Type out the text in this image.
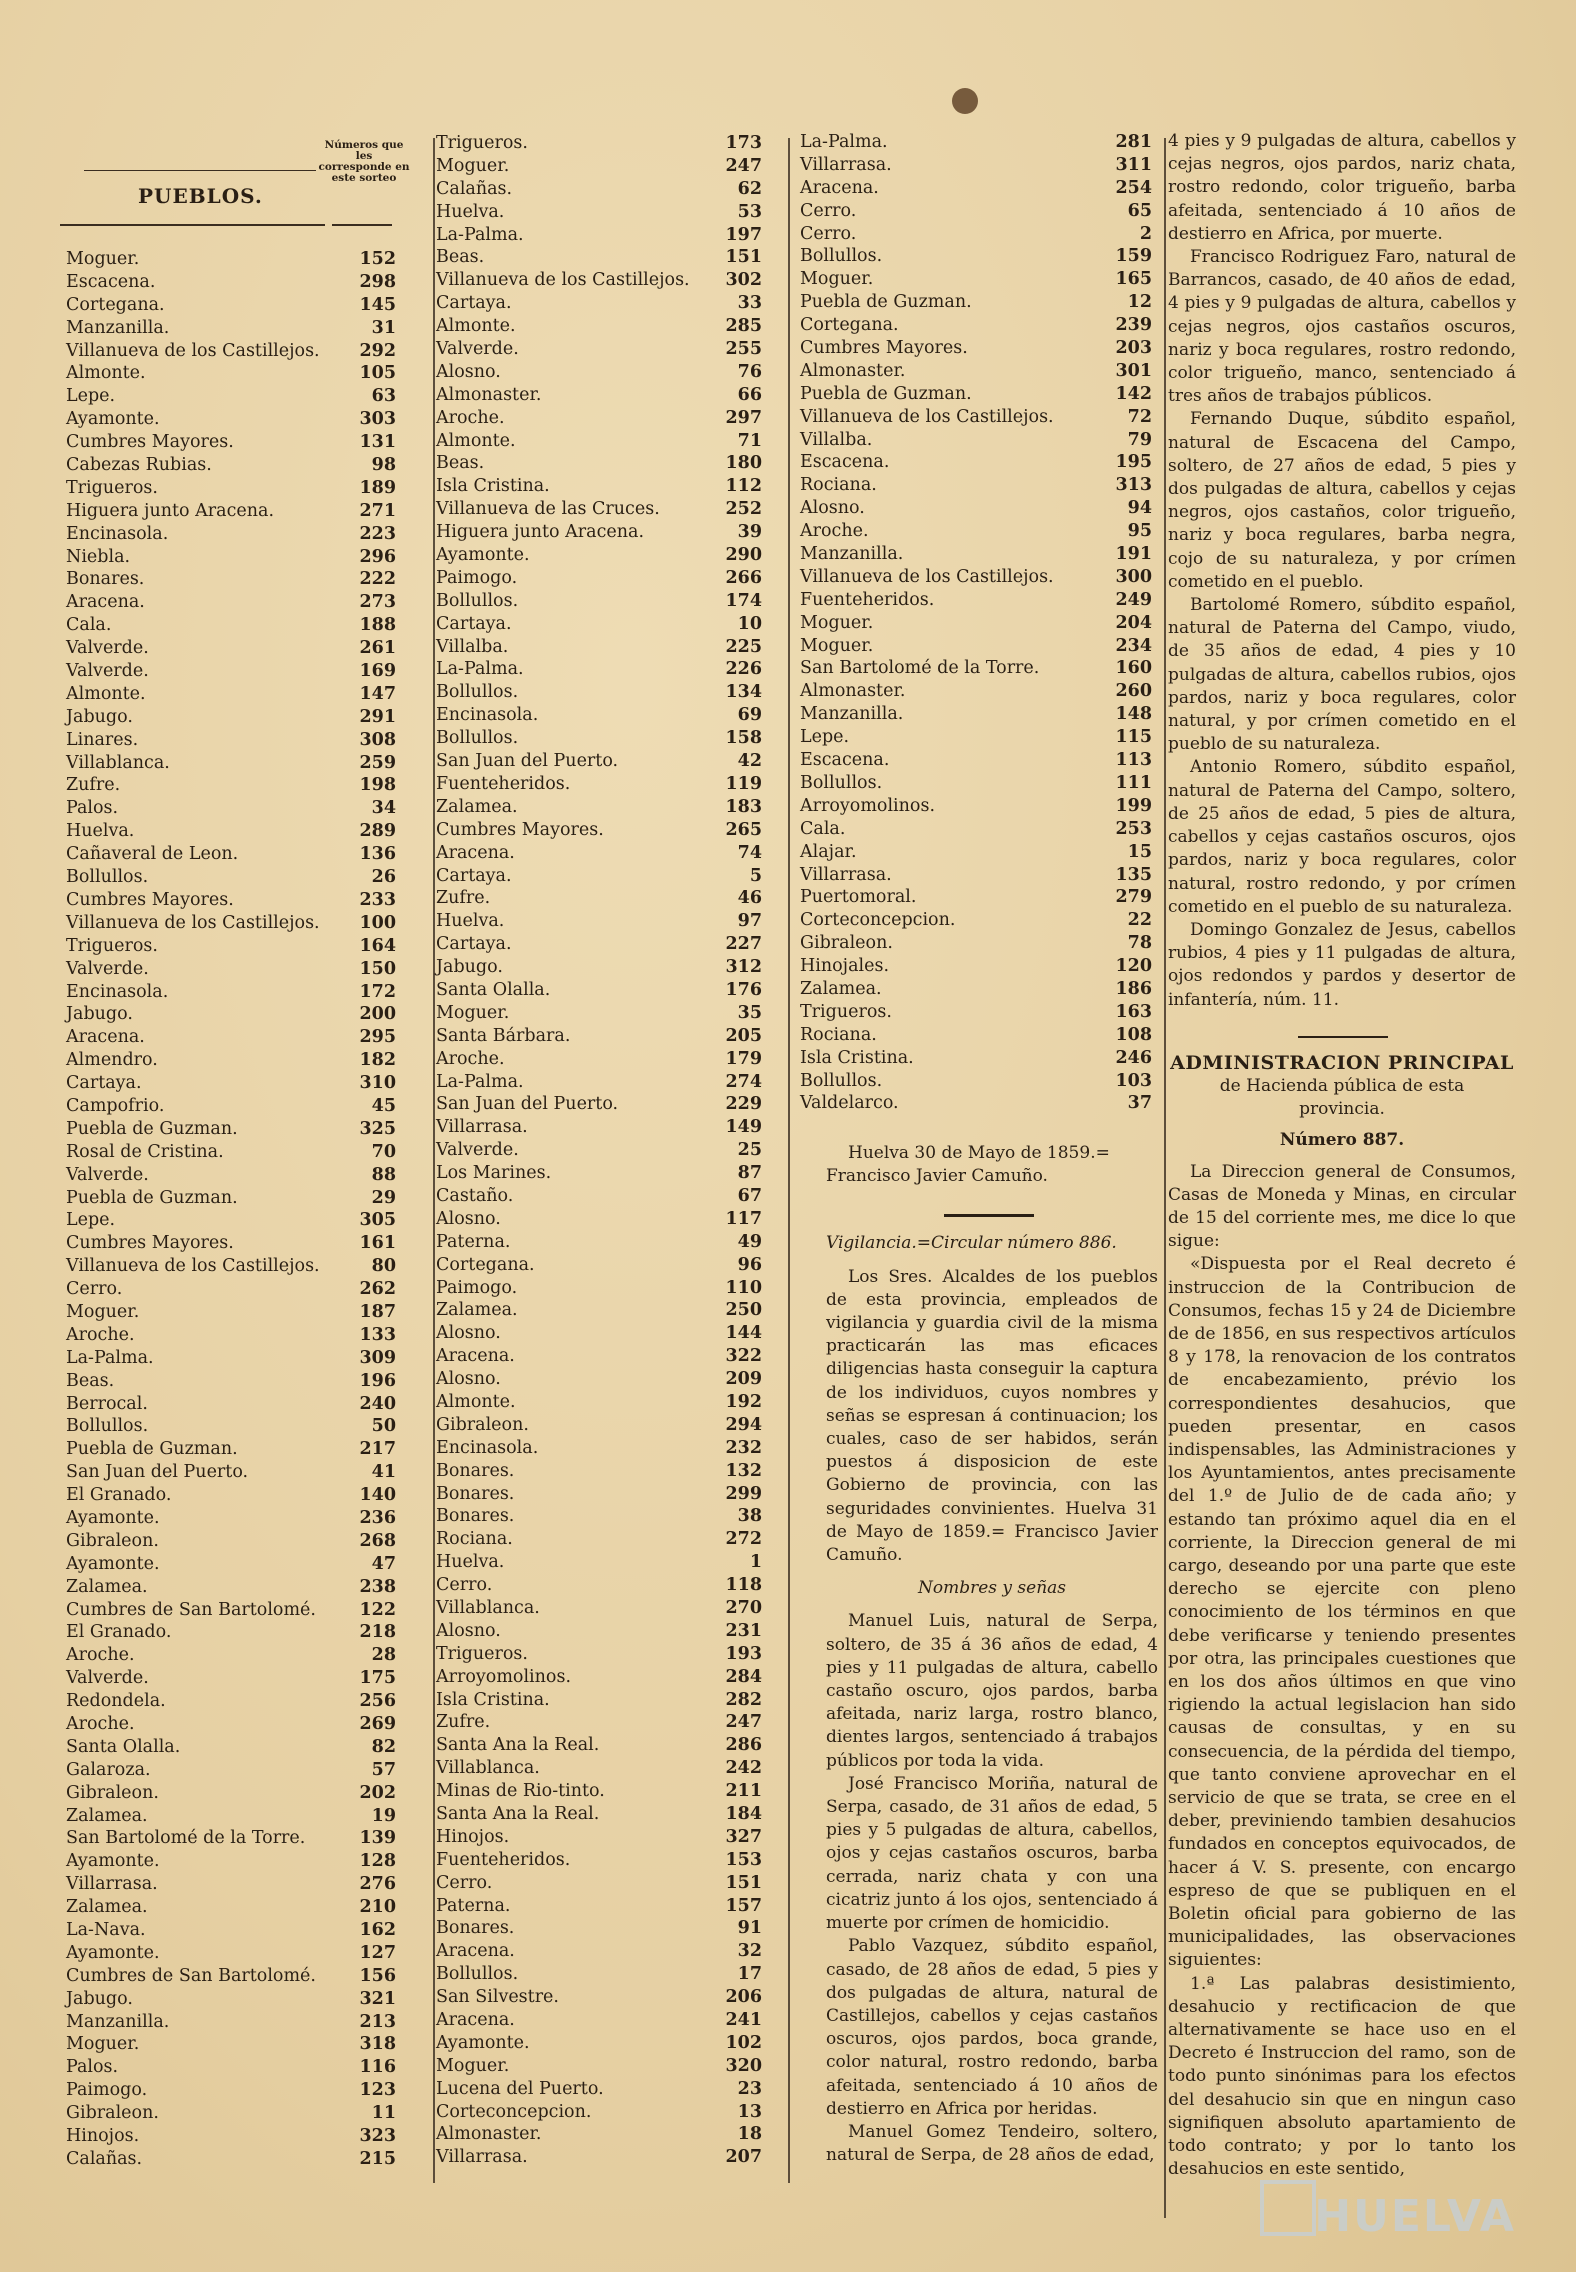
PUEBLOS.
Números que les corresponde en este sorteo
Moguer.	152
Escacena.	298
Cortegana.	145
Manzanilla.	31
Villanueva de los Castillejos. 292
Almonte.	105
Lepe.	63
Ayamonte.	303
Cumbres Mayores.	131
Cabezas Rubias.	98
Trigueros.	189
Higuera junto Aracena.	271
Encinasola.	223
Niebla.	296
Bonares.	222
Aracena.	273
Cala.	188
Valverde.	261
Valverde.	169
Almonte.	147
Jabugo.	291
Linares.	308
Villablanca.	259
Zufre.	198
Palos.	34
Huelva.	289
Cañaveral de Leon.	136
Bollullos.	26
Cumbres Mayores.	233
Villanueva de los Castillejos. 100
Trigueros.	164
Valverde.	150
Encinasola.	172
Jabugo.	200
Aracena.	295
Almendro.	182
Cartaya.	310
Campofrio.	45
Puebla de Guzman.	325
Rosal de Cristina.	70
Valverde.	88
Puebla de Guzman.	29
Lepe.	305
Cumbres Mayores.	161
Villanueva de los Castillejos.	80
Cerro.	262
Moguer.	187
Aroche.	133
La-Palma.	309
Beas.	196
Berrocal.	240
Bollullos.	50
Puebla de Guzman.	217
San Juan del Puerto.	41
El Granado.	140
Ayamonte.	236
Gibraleon.	268
Ayamonte.	47
Zalamea.	238
Cumbres de San Bartolomé. 122
El Granado.	218
Aroche.	28
Valverde.	175
Redondela.	256
Aroche.	269
Santa Olalla.	82
Galaroza.	57
Gibraleon.	202
Zalamea.	19
San Bartolomé de la Torre.	139
Ayamonte.	128
Villarrasa.	276
Zalamea.	210
La-Nava.	162
Ayamonte.	127
Cumbres de San Bartolomé. 156
Jabugo.	321
Manzanilla.	213
Moguer.	318
Palos.	116
Paimogo.	123
Gibraleon.	11
Hinojos.	323
Calañas.	215
Trigueros.	173
Moguer.	247
Calañas.	62
Huelva.	53
La-Palma.	197
Beas.	151
Villanueva de los Castillejos. 302
Cartaya.	33
Almonte.	285
Valverde.	255
Alosno.	76
Almonaster.	66
Aroche.	297
Almonte.	71
Beas.	180
Isla Cristina.	112
Villanueva de las Cruces.	252
Higuera junto Aracena.	39
Ayamonte.	290
Paimogo.	266
Bollullos.	174
Cartaya.	10
Villalba.	225
La-Palma.	226
Bollullos.	134
Encinasola.	69
Bollullos.	158
San Juan del Puerto.	42
Fuenteheridos.	119
Zalamea.	183
Cumbres Mayores.	265
Aracena.	74
Cartaya.	5
Zufre.	46
Huelva.	97
Cartaya.	227
Jabugo.	312
Santa Olalla.	176
Moguer.	35
Santa Bárbara.	205
Aroche.	179
La-Palma.	274
San Juan del Puerto.	229
Villarrasa.	149
Valverde.	25
Los Marines.	87
Castaño.	67
Alosno.	117
Paterna.	49
Cortegana.	96
Paimogo.	110
Zalamea.	250
Alosno.	144
Aracena.	322
Alosno.	209
Almonte.	192
Gibraleon.	294
Encinasola.	232
Bonares.	132
Bonares.	299
Bonares.	38
Rociana.	272
Huelva.	1
Cerro.	118
Villablanca.	270
Alosno.	231
Trigueros.	193
Arroyomolinos.	284
Isla Cristina.	282
Zufre.	247
Santa Ana la Real.	286
Villablanca.	242
Minas de Rio-tinto.	211
Santa Ana la Real.	184
Hinojos.	327
Fuenteheridos.	153
Cerro.	151
Paterna.	157
Bonares.	91
Aracena.	32
Bollullos.	17
San Silvestre.	206
Aracena.	241
Ayamonte.	102
Moguer.	320
Lucena del Puerto.	23
Corteconcepcion.	13
Almonaster.	18
Villarrasa.	207
La-Palma.	281
Villarrasa.	311
Aracena.	254
Cerro.	65
Cerro.	2
Bollullos.	159
Moguer.	165
Puebla de Guzman.	12
Cortegana.	239
Cumbres Mayores.	203
Almonaster.	301
Puebla de Guzman.	142
Villanueva de los Castillejos.	72
Villalba.	79
Escacena.	195
Rociana.	313
Alosno.	94
Aroche.	95
Manzanilla.	191
Villanueva de los Castillejos.	300
Fuenteheridos.	249
Moguer.	204
Moguer.	234
San Bartolomé de la Torre.	160
Almonaster.	260
Manzanilla.	148
Lepe.	115
Escacena.	113
Bollullos.	111
Arroyomolinos.	199
Cala.	253
Alajar.	15
Villarrasa.	135
Puertomoral.	279
Corteconcepcion.	22
Gibraleon.	78
Hinojales.	120
Zalamea.	186
Trigueros.	163
Rociana.	108
Isla Cristina.	246
Bollullos.	103
Valdelarco.	37
Huelva 30 de Mayo de 1859.=
Francisco Javier Camuño.
Vigilancia.=Circular número 886.

Los Sres. Alcaldes de los pueblos de esta provincia, empleados de vigilancia y guardia civil de la misma practicarán las mas eficaces diligencias hasta conseguir la captura de los individuos, cuyos nombres y señas se espresan á continuacion; los cuales, caso de ser habidos, serán puestos á disposicion de este Gobierno de provincia, con las seguridades convinientes. Huelva 31 de Mayo de 1859.= Francisco Javier Camuño.

Nombres y señas

Manuel Luis, natural de Serpa, soltero, de 35 á 36 años de edad, 4 pies y 11 pulgadas de altura, cabello castaño oscuro, ojos pardos, barba afeitada, nariz larga, rostro blanco, dientes largos, sentenciado á trabajos públicos por toda la vida.

José Francisco Moriña, natural de Serpa, casado, de 31 años de edad, 5 pies y 5 pulgadas de altura, cabellos, ojos y cejas castaños oscuros, barba cerrada, nariz chata y con una cicatriz junto á los ojos, sentenciado á muerte por crímen de homicidio.

Pablo Vazquez, súbdito español, casado, de 28 años de edad, 5 pies y dos pulgadas de altura, natural de Castillejos, cabellos y cejas castaños oscuros, ojos pardos, boca grande, color natural, rostro redondo, barba afeitada, sentenciado á 10 años de destierro en Africa por heridas.

Manuel Gomez Tendeiro, soltero, natural de Serpa, de 28 años de edad,

4 pies y 9 pulgadas de altura, cabellos y cejas negros, ojos pardos, nariz chata, rostro redondo, color trigueño, barba afeitada, sentenciado á 10 años de destierro en Africa, por muerte.

Francisco Rodriguez Faro, natural de Barrancos, casado, de 40 años de edad, 4 pies y 9 pulgadas de altura, cabellos y cejas negros, ojos castaños oscuros, nariz y boca regulares, rostro redondo, color trigueño, manco, sentenciado á tres años de trabajos públicos.

Fernando Duque, súbdito español, natural de Escacena del Campo, soltero, de 27 años de edad, 5 pies y dos pulgadas de altura, cabellos y cejas negros, ojos castaños, color trigueño, nariz y boca regulares, barba negra, cojo de su naturaleza, y por crímen cometido en el pueblo.

Bartolomé Romero, súbdito español, natural de Paterna del Campo, viudo, de 35 años de edad, 4 pies y 10 pulgadas de altura, cabellos rubios, ojos pardos, nariz y boca regulares, color natural, y por crímen cometido en el pueblo de su naturaleza.

Antonio Romero, súbdito español, natural de Paterna del Campo, soltero, de 25 años de edad, 5 pies de altura, cabellos y cejas castaños oscuros, ojos pardos, nariz y boca regulares, color natural, rostro redondo, y por crímen cometido en el pueblo de su naturaleza.

Domingo Gonzalez de Jesus, cabellos rubios, 4 pies y 11 pulgadas de altura, ojos redondos y pardos y desertor de infantería, núm. 11.

ADMINISTRACION PRINCIPAL
de Hacienda pública de esta provincia.
Número 887.

La Direccion general de Consumos, Casas de Moneda y Minas, en circular de 15 del corriente mes, me dice lo que sigue:

«Dispuesta por el Real decreto é instruccion de la Contribucion de Consumos, fechas 15 y 24 de Diciembre de de 1856, en sus respectivos artículos 8 y 178, la renovacion de los contratos de encabezamiento, prévio los correspondientes desahucios, que pueden presentar, en casos indispensables, las Administraciones y los Ayuntamientos, antes precisamente del 1.º de Julio de de cada año; y estando tan próximo aquel dia en el corriente, la Direccion general de mi cargo, deseando por una parte que este derecho se ejercite con pleno conocimiento de los términos en que debe verificarse y teniendo presentes por otra, las principales cuestiones que en los dos años últimos en que vino rigiendo la actual legislacion han sido causas de consultas, y en su consecuencia, de la pérdida del tiempo, que tanto conviene aprovechar en el servicio de que se trata, se cree en el deber, previniendo tambien desahucios fundados en conceptos equivocados, de hacer á V. S. presente, con encargo espreso de que se publiquen en el Boletin oficial para gobierno de las municipalidades, las observaciones siguientes:

1.ª Las palabras desistimiento, desahucio y rectificacion de que alternativamente se hace uso en el Decreto é Instruccion del ramo, son de todo punto sinónimas para los efectos del desahucio sin que en ningun caso signifiquen absoluto apartamiento de todo contrato; y por lo tanto los desahucios en este sentido,

HUELVA
